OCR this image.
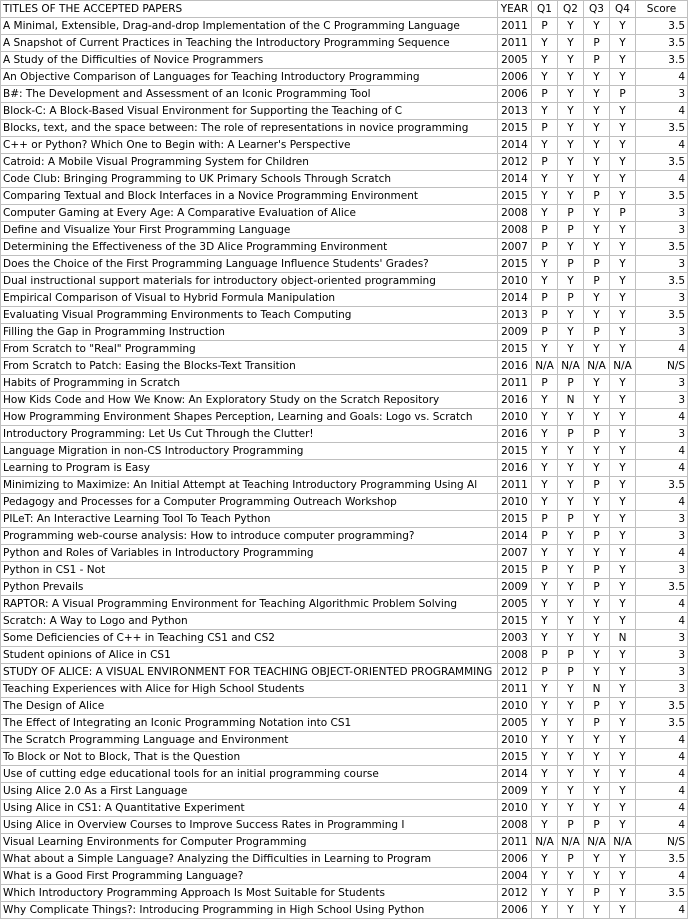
TITLES OF THE ACCEPTED PAPERS	YEAR	Q1	Q2	Q3	Q4	Score
A Minimal, Extensible, Drag-and-drop Implementation of the C Programming Language	2011	P	Y	Y	Y	3.5
A Snapshot of Current Practices in Teaching the Introductory Programming Sequence	2011	Y	Y	P	Y	3.5
A Study of the Difficulties of Novice Programmers	2005	Y	Y	P	Y	3.5
An Objective Comparison of Languages for Teaching Introductory Programming	2006	Y	Y	Y	Y	4
B#: The Development and Assessment of an Iconic Programming Tool	2006	P	Y	Y	P	3
Block-C: A Block-Based Visual Environment for Supporting the Teaching of C	2013	Y	Y	Y	Y	4
Blocks, text, and the space between: The role of representations in novice programming	2015	P	Y	Y	Y	3.5
C++ or Python? Which One to Begin with: A Learner's Perspective	2014	Y	Y	Y	Y	4
Catroid: A Mobile Visual Programming System for Children	2012	P	Y	Y	Y	3.5
Code Club: Bringing Programming to UK Primary Schools Through Scratch	2014	Y	Y	Y	Y	4
Comparing Textual and Block Interfaces in a Novice Programming Environment	2015	Y	Y	P	Y	3.5
Computer Gaming at Every Age: A Comparative Evaluation of Alice	2008	Y	P	Y	P	3
Define and Visualize Your First Programming Language	2008	P	P	Y	Y	3
Determining the Effectiveness of the 3D Alice Programming Environment	2007	P	Y	Y	Y	3.5
Does the Choice of the First Programming Language Influence Students' Grades?	2015	Y	P	P	Y	3
Dual instructional support materials for introductory object-oriented programming	2010	Y	Y	P	Y	3.5
Empirical Comparison of Visual to Hybrid Formula Manipulation	2014	P	P	Y	Y	3
Evaluating Visual Programming Environments to Teach Computing	2013	P	Y	Y	Y	3.5
Filling the Gap in Programming Instruction	2009	P	Y	P	Y	3
From Scratch to "Real" Programming	2015	Y	Y	Y	Y	4
From Scratch to Patch: Easing the Blocks-Text Transition	2016	N/A	N/A	N/A	N/A	N/S
Habits of Programming in Scratch	2011	P	P	Y	Y	3
How Kids Code and How We Know: An Exploratory Study on the Scratch Repository	2016	Y	N	Y	Y	3
How Programming Environment Shapes Perception, Learning and Goals: Logo vs. Scratch	2010	Y	Y	Y	Y	4
Introductory Programming: Let Us Cut Through the Clutter!	2016	Y	P	P	Y	3
Language Migration in non-CS Introductory Programming	2015	Y	Y	Y	Y	4
Learning to Program is Easy	2016	Y	Y	Y	Y	4
Minimizing to Maximize: An Initial Attempt at Teaching Introductory Programming Using Al	2011	Y	Y	P	Y	3.5
Pedagogy and Processes for a Computer Programming Outreach Workshop	2010	Y	Y	Y	Y	4
PILeT: An Interactive Learning Tool To Teach Python	2015	P	P	Y	Y	3
Programming web-course analysis: How to introduce computer programming?	2014	P	Y	P	Y	3
Python and Roles of Variables in Introductory Programming	2007	Y	Y	Y	Y	4
Python in CS1 - Not	2015	P	Y	P	Y	3
Python Prevails	2009	Y	Y	P	Y	3.5
RAPTOR: A Visual Programming Environment for Teaching Algorithmic Problem Solving	2005	Y	Y	Y	Y	4
Scratch: A Way to Logo and Python	2015	Y	Y	Y	Y	4
Some Deficiencies of C++ in Teaching CS1 and CS2	2003	Y	Y	Y	N	3
Student opinions of Alice in CS1	2008	P	P	Y	Y	3
STUDY OF ALICE: A VISUAL ENVIRONMENT FOR TEACHING OBJECT-ORIENTED PROGRAMMING	2012	P	P	Y	Y	3
Teaching Experiences with Alice for High School Students	2011	Y	Y	N	Y	3
The Design of Alice	2010	Y	Y	P	Y	3.5
The Effect of Integrating an Iconic Programming Notation into CS1	2005	Y	Y	P	Y	3.5
The Scratch Programming Language and Environment	2010	Y	Y	Y	Y	4
To Block or Not to Block, That is the Question	2015	Y	Y	Y	Y	4
Use of cutting edge educational tools for an initial programming course	2014	Y	Y	Y	Y	4
Using Alice 2.0 As a First Language	2009	Y	Y	Y	Y	4
Using Alice in CS1: A Quantitative Experiment	2010	Y	Y	Y	Y	4
Using Alice in Overview Courses to Improve Success Rates in Programming I	2008	Y	P	P	Y	4
Visual Learning Environments for Computer Programming	2011	N/A	N/A	N/A	N/A	N/S
What about a Simple Language? Analyzing the Difficulties in Learning to Program	2006	Y	P	Y	Y	3.5
What is a Good First Programming Language?	2004	Y	Y	Y	Y	4
Which Introductory Programming Approach Is Most Suitable for Students	2012	Y	Y	P	Y	3.5
Why Complicate Things?: Introducing Programming in High School Using Python	2006	Y	Y	Y	Y	4
